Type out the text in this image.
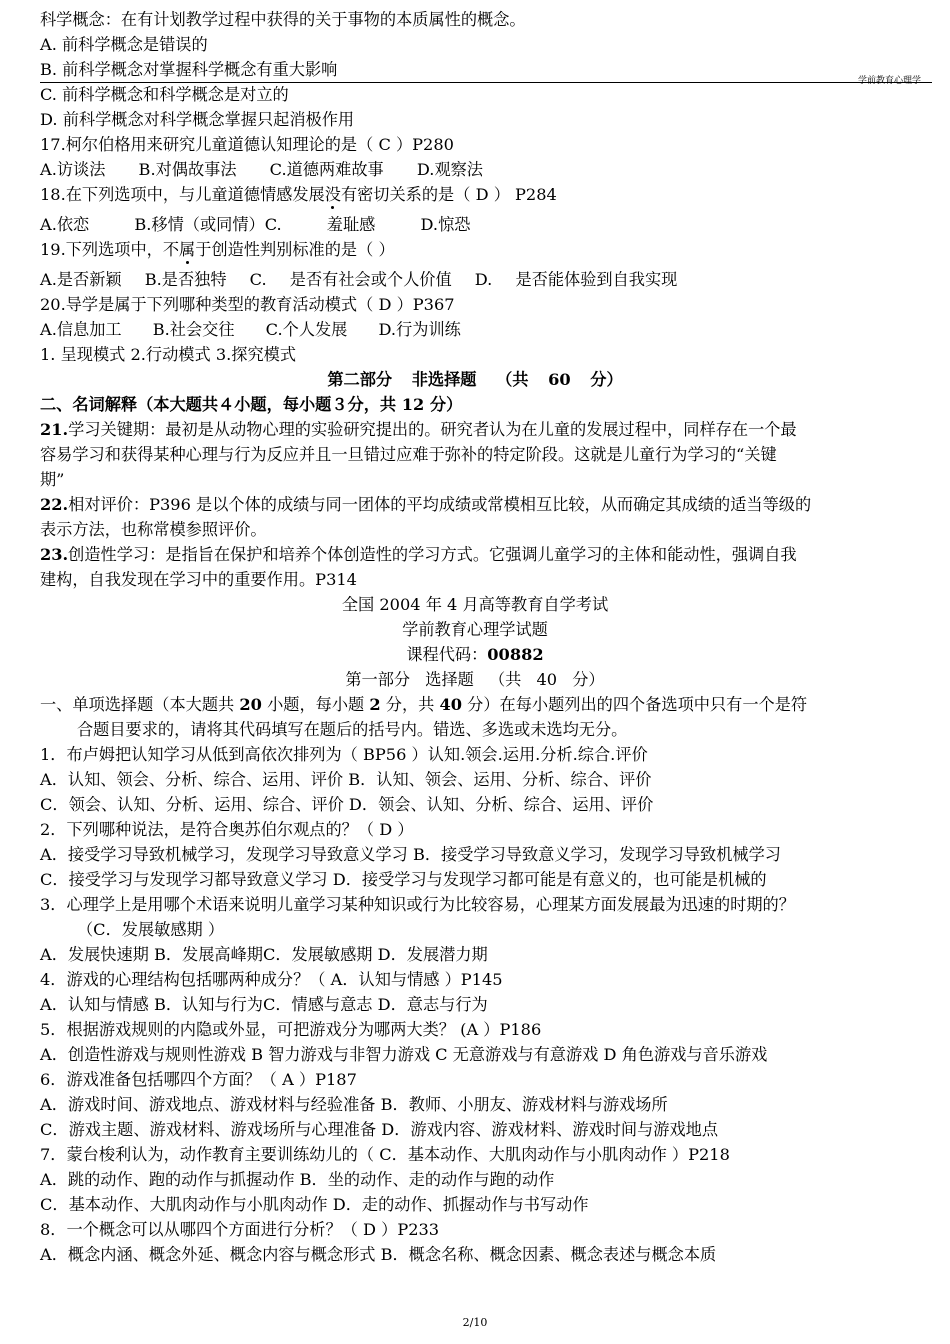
学前教育心理学
科学概念：在有计划教学过程中获得的关于事物的本质属性的概念。
A. 前科学概念是错误的
B. 前科学概念对掌握科学概念有重大影响
C. 前科学概念和科学概念是对立的
D. 前科学概念对科学概念掌握只起消极作用
17.柯尔伯格用来研究儿童道德认知理论的是（ C ）P280
A.访谈法 B.对偶故事法 C.道德两难故事 D.观察法
18.在下列选项中，与儿童道德情感发展没有密切关系的是（ D ） P284
A.依恋 B.移情（或同情）C. 羞耻感 D.惊恐
19.下列选项中，不属于创造性判别标准的是（ ）
A.是否新颖 B.是否独特 C. 是否有社会或个人价值 D. 是否能体验到自我实现
20.导学是属于下列哪种类型的教育活动模式（ D ）P367
A.信息加工 B.社会交往 C.个人发展 D.行为训练
1. 呈现模式 2.行动模式 3.探究模式
第二部分 非选择题 （共 60 分）
二、名词解释（本大题共４小题，每小题３分，共 12 分）
21.学习关键期：最初是从动物心理的实验研究提出的。研究者认为在儿童的发展过程中，同样存在一个最
容易学习和获得某种心理与行为反应并且一旦错过应难于弥补的特定阶段。这就是儿童行为学习的“关键
期”
22.相对评价：P396 是以个体的成绩与同一团体的平均成绩或常模相互比较，从而确定其成绩的适当等级的
表示方法，也称常模参照评价。
23.创造性学习：是指旨在保护和培养个体创造性的学习方式。它强调儿童学习的主体和能动性，强调自我
建构，自我发现在学习中的重要作用。P314
全国 2004 年 4 月高等教育自学考试
学前教育心理学试题
课程代码：00882
第一部分 选择题 （共 40 分）
一、单项选择题（本大题共 20 小题，每小题 2 分，共 40 分）在每小题列出的四个备选项中只有一个是符
合题目要求的，请将其代码填写在题后的括号内。错选、多选或未选均无分。
1．布卢姆把认知学习从低到高依次排列为（ BP56 ）认知.领会.运用.分析.综合.评价
A．认知、领会、分析、综合、运用、评价 B．认知、领会、运用、分析、综合、评价
C．领会、认知、分析、运用、综合、评价 D．领会、认知、分析、综合、运用、评价
2．下列哪种说法，是符合奥苏伯尔观点的？（ D ）
A．接受学习导致机械学习，发现学习导致意义学习 B．接受学习导致意义学习，发现学习导致机械学习
C．接受学习与发现学习都导致意义学习 D．接受学习与发现学习都可能是有意义的，也可能是机械的
3．心理学上是用哪个术语来说明儿童学习某种知识或行为比较容易，心理某方面发展最为迅速的时期的？
（C．发展敏感期 ）
A．发展快速期 B．发展高峰期C．发展敏感期 D．发展潜力期
4．游戏的心理结构包括哪两种成分？（ A．认知与情感 ）P145
A．认知与情感 B．认知与行为C．情感与意志 D．意志与行为
5．根据游戏规则的内隐或外显，可把游戏分为哪两大类？ (A ）P186
A．创造性游戏与规则性游戏 B 智力游戏与非智力游戏 C 无意游戏与有意游戏 D 角色游戏与音乐游戏
6．游戏准备包括哪四个方面？（ A ）P187
A．游戏时间、游戏地点、游戏材料与经验准备 B．教师、小朋友、游戏材料与游戏场所
C．游戏主题、游戏材料、游戏场所与心理准备 D．游戏内容、游戏材料、游戏时间与游戏地点
7．蒙台梭利认为，动作教育主要训练幼儿的（ C．基本动作、大肌肉动作与小肌肉动作 ）P218
A．跳的动作、跑的动作与抓握动作 B．坐的动作、走的动作与跑的动作
C．基本动作、大肌肉动作与小肌肉动作 D．走的动作、抓握动作与书写动作
8．一个概念可以从哪四个方面进行分析？（ D ）P233
A．概念内涵、概念外延、概念内容与概念形式 B．概念名称、概念因素、概念表述与概念本质
2/10
